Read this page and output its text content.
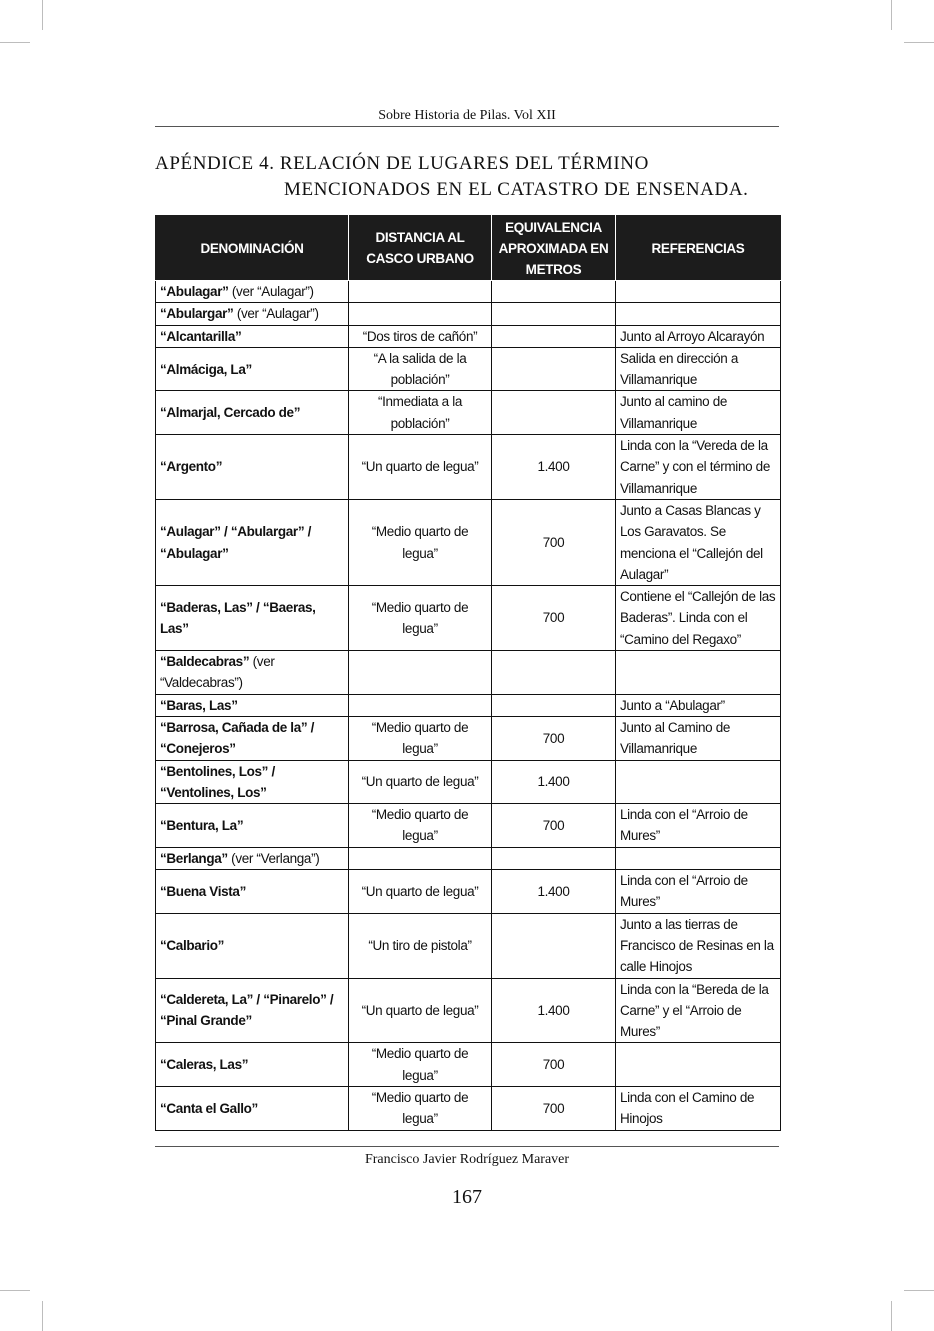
Sobre Historia de Pilas. Vol XII
APÉNDICE 4. RELACIÓN DE LUGARES DEL TÉRMINO
MENCIONADOS EN EL CATASTRO DE ENSENADA.
DENOMINACIÓN	DISTANCIA AL CASCO URBANO	EQUIVALENCIA APROXIMADA EN METROS	REFERENCIAS
“Abulagar” (ver “Aulagar”)			
“Abulargar” (ver “Aulagar”)			
“Alcantarilla”	“Dos tiros de cañón”		Junto al Arroyo Alcarayón
“Almáciga, La”	“A la salida de la población”		Salida en dirección a Villamanrique
“Almarjal, Cercado de”	“Inmediata a la población”		Junto al camino de Villamanrique
“Argento”	“Un quarto de legua”	1.400	Linda con la “Vereda de la Carne” y con el término de Villamanrique
“Aulagar” / “Abulargar” / “Abulagar”	“Medio quarto de legua”	700	Junto a Casas Blancas y Los Garavatos. Se menciona el “Callejón del Aulagar”
“Baderas, Las” / “Baeras, Las”	“Medio quarto de legua”	700	Contiene el “Callejón de las Baderas”. Linda con el “Camino del Regaxo”
“Baldecabras” (ver “Valdecabras”)			
“Baras, Las”			Junto a “Abulagar”
“Barrosa, Cañada de la” / “Conejeros”	“Medio quarto de legua”	700	Junto al Camino de Villamanrique
“Bentolines, Los” / “Ventolines, Los”	“Un quarto de legua”	1.400	
“Bentura, La”	“Medio quarto de legua”	700	Linda con el “Arroio de Mures”
“Berlanga” (ver “Verlanga”)			
“Buena Vista”	“Un quarto de legua”	1.400	Linda con el “Arroio de Mures”
“Calbario”	“Un tiro de pistola”		Junto a las tierras de Francisco de Resinas en la calle Hinojos
“Caldereta, La” / “Pinarelo” / “Pinal Grande”	“Un quarto de legua”	1.400	Linda con la “Bereda de la Carne” y el “Arroio de Mures”
“Caleras, Las”	“Medio quarto de legua”	700	
“Canta el Gallo”	“Medio quarto de legua”	700	Linda con el Camino de Hinojos
Francisco Javier Rodríguez Maraver
167
